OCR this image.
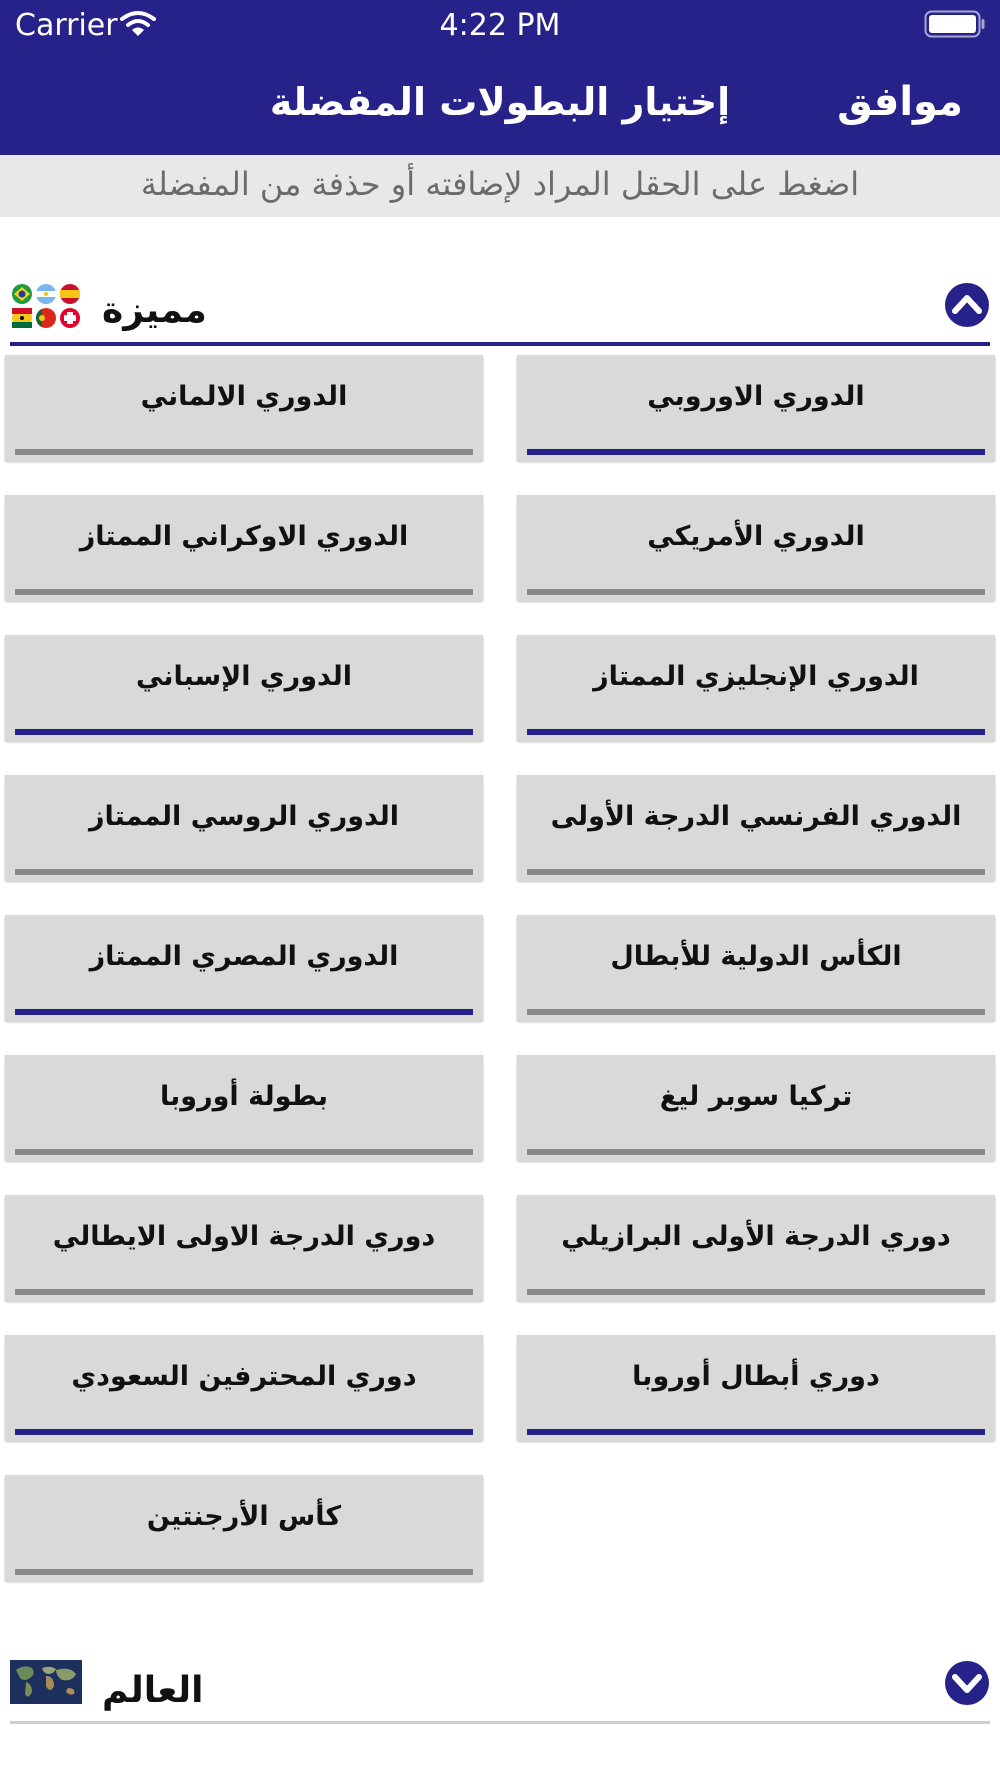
Carrier	4:22 PM
إختيار البطولات المفضلة	موافق
اضغط على الحقل المراد لإضافته أو حذفة من المفضلة
مميزة
الدوري الاوروبي
الدوري الالماني
الدوري الأمريكي
الدوري الاوكراني الممتاز
الدوري الإنجليزي الممتاز
الدوري الإسباني
الدوري الفرنسي الدرجة الأولى
الدوري الروسي الممتاز
الكأس الدولية للأبطال
الدوري المصري الممتاز
تركيا سوبر ليغ
بطولة أوروبا
دوري الدرجة الأولى البرازيلي
دوري الدرجة الاولى الايطالي
دوري أبطال أوروبا
دوري المحترفين السعودي
كأس الأرجنتين
العالم
